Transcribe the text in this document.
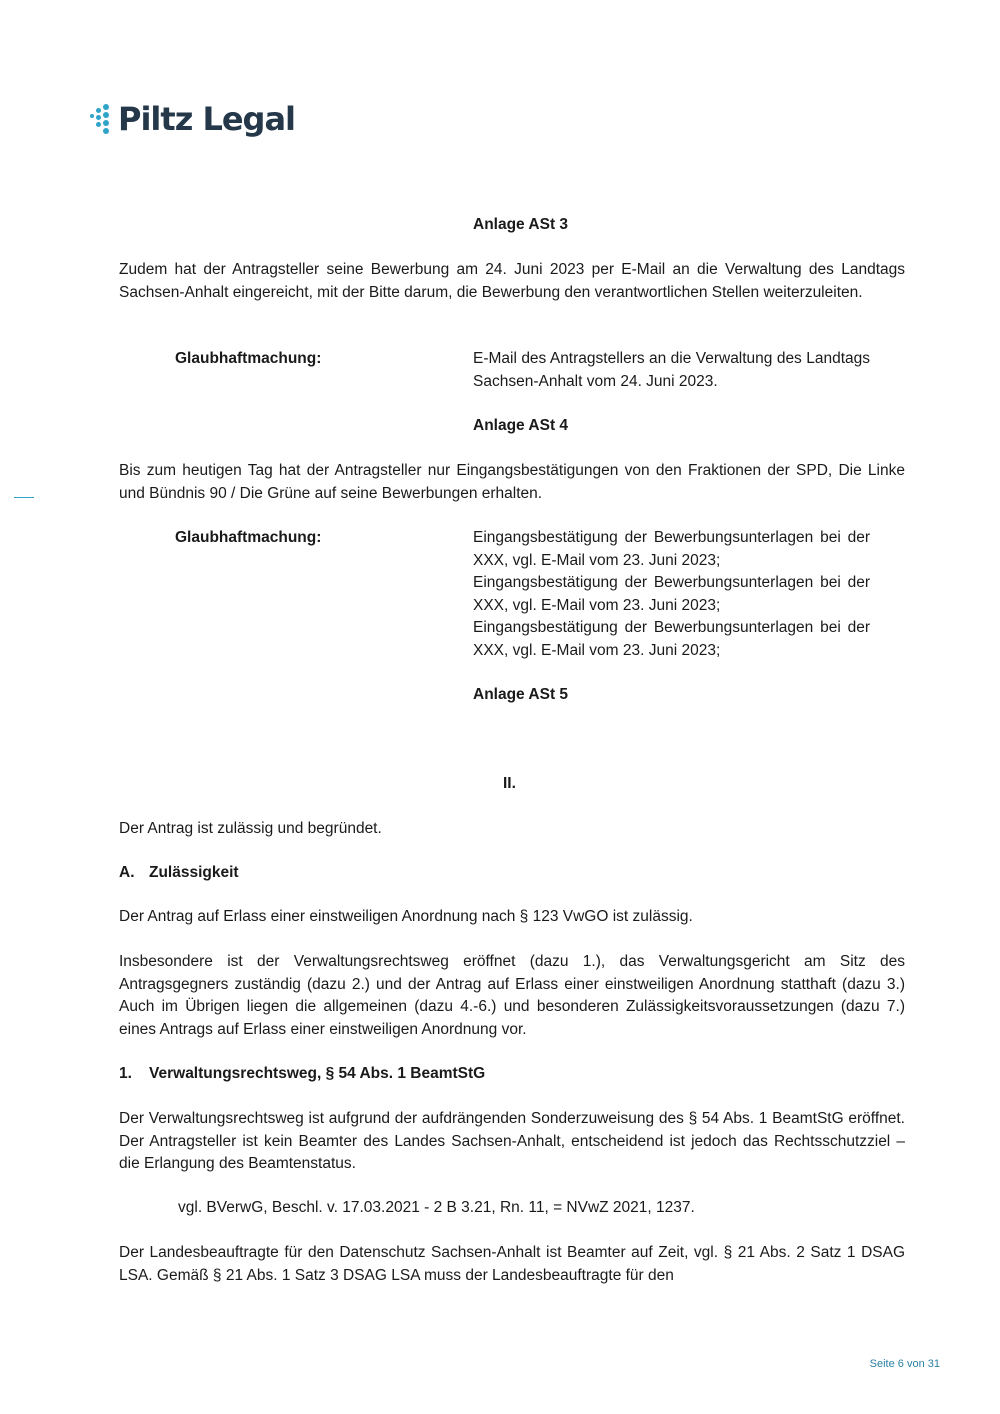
Piltz Legal

Anlage ASt 3

Zudem hat der Antragsteller seine Bewerbung am 24. Juni 2023 per E-Mail an die Verwaltung des Landtags Sachsen-Anhalt eingereicht, mit der Bitte darum, die Bewerbung den verantwortlichen Stellen weiterzuleiten.

Glaubhaftmachung:	E-Mail des Antragstellers an die Verwaltung des Landtags Sachsen-Anhalt vom 24. Juni 2023.

Anlage ASt 4

Bis zum heutigen Tag hat der Antragsteller nur Eingangsbestätigungen von den Fraktionen der SPD, Die Linke und Bündnis 90 / Die Grüne auf seine Bewerbungen erhalten.

Glaubhaftmachung:	Eingangsbestätigung der Bewerbungsunterlagen bei der XXX, vgl. E-Mail vom 23. Juni 2023;

Eingangsbestätigung der Bewerbungsunterlagen bei der XXX, vgl. E-Mail vom 23. Juni 2023;

Eingangsbestätigung der Bewerbungsunterlagen bei der XXX, vgl. E-Mail vom 23. Juni 2023;

Anlage ASt 5

II.

Der Antrag ist zulässig und begründet.

A. Zulässigkeit

Der Antrag auf Erlass einer einstweiligen Anordnung nach § 123 VwGO ist zulässig.

Insbesondere ist der Verwaltungsrechtsweg eröffnet (dazu 1.), das Verwaltungsgericht am Sitz des Antragsgegners zuständig (dazu 2.) und der Antrag auf Erlass einer einstweiligen Anordnung statthaft (dazu 3.) Auch im Übrigen liegen die allgemeinen (dazu 4.-6.) und besonderen Zulässigkeitsvoraussetzungen (dazu 7.) eines Antrags auf Erlass einer einstweiligen Anordnung vor.

1. Verwaltungsrechtsweg, § 54 Abs. 1 BeamtStG

Der Verwaltungsrechtsweg ist aufgrund der aufdrängenden Sonderzuweisung des § 54 Abs. 1 BeamtStG eröffnet. Der Antragsteller ist kein Beamter des Landes Sachsen-Anhalt, entscheidend ist jedoch das Rechtsschutzziel – die Erlangung des Beamtenstatus.

vgl. BVerwG, Beschl. v. 17.03.2021 - 2 B 3.21, Rn. 11, = NVwZ 2021, 1237.

Der Landesbeauftragte für den Datenschutz Sachsen-Anhalt ist Beamter auf Zeit, vgl. § 21 Abs. 2 Satz 1 DSAG LSA. Gemäß § 21 Abs. 1 Satz 3 DSAG LSA muss der Landesbeauftragte für den

Seite 6 von 31
